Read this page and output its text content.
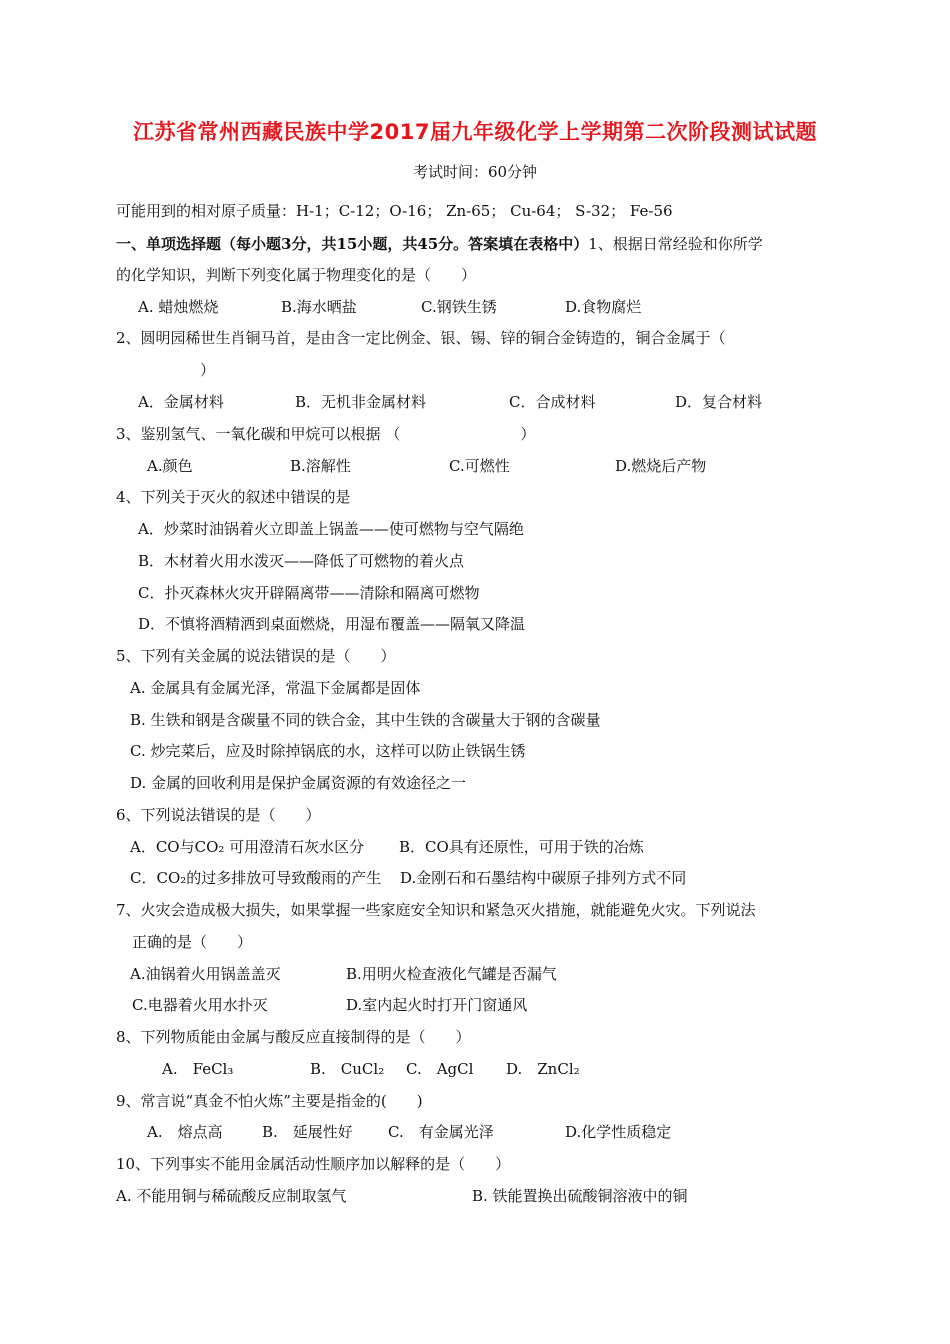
江苏省常州西藏民族中学2017届九年级化学上学期第二次阶段测试试题
考试时间：60分钟
可能用到的相对原子质量：H-1；C-12；O-16； Zn-65； Cu-64； S-32； Fe-56
一、单项选择题（每小题3分，共15小题，共45分。答案填在表格中）1、根据日常经验和你所学
的化学知识，判断下列变化属于物理变化的是（　　）
A. 蜡烛燃烧	B.海水晒盐	C.钢铁生锈	D.食物腐烂
2、圆明园稀世生肖铜马首，是由含一定比例金、银、锡、锌的铜合金铸造的，铜合金属于（
）
A．金属材料	B．无机非金属材料	C．合成材料	D．复合材料
3、鉴别氢气、一氧化碳和甲烷可以根据 （　　　　　　　　）
A.颜色	B.溶解性	C.可燃性	D.燃烧后产物
4、下列关于灭火的叙述中错误的是
A．炒菜时油锅着火立即盖上锅盖——使可燃物与空气隔绝
B．木材着火用水泼灭——降低了可燃物的着火点
C．扑灭森林火灾开辟隔离带——清除和隔离可燃物
D．不慎将酒精洒到桌面燃烧，用湿布覆盖——隔氧又降温
5、下列有关金属的说法错误的是（　　）
A. 金属具有金属光泽，常温下金属都是固体
B. 生铁和钢是含碳量不同的铁合金，其中生铁的含碳量大于钢的含碳量
C. 炒完菜后，应及时除掉锅底的水，这样可以防止铁锅生锈
D. 金属的回收利用是保护金属资源的有效途径之一
6、下列说法错误的是（　　）
A．CO与CO₂ 可用澄清石灰水区分 B．CO具有还原性，可用于铁的冶炼
C．CO₂的过多排放可导致酸雨的产生 D.金刚石和石墨结构中碳原子排列方式不同
7、火灾会造成极大损失，如果掌握一些家庭安全知识和紧急灭火措施，就能避免火灾。下列说法
正确的是（　　）
A.油锅着火用锅盖盖灭	B.用明火检查液化气罐是否漏气
C.电器着火用水扑灭	D.室内起火时打开门窗通风
8、下列物质能由金属与酸反应直接制得的是（　　）
A.　FeCl₃	B.　CuCl₂ C.　AgCl D.　ZnCl₂
9、常言说“真金不怕火炼”主要是指金的(　　)
A.　熔点高	B.　延展性好 C.　有金属光泽	D.化学性质稳定
10、下列事实不能用金属活动性顺序加以解释的是（　　）
A. 不能用铜与稀硫酸反应制取氢气	B. 铁能置换出硫酸铜溶液中的铜
